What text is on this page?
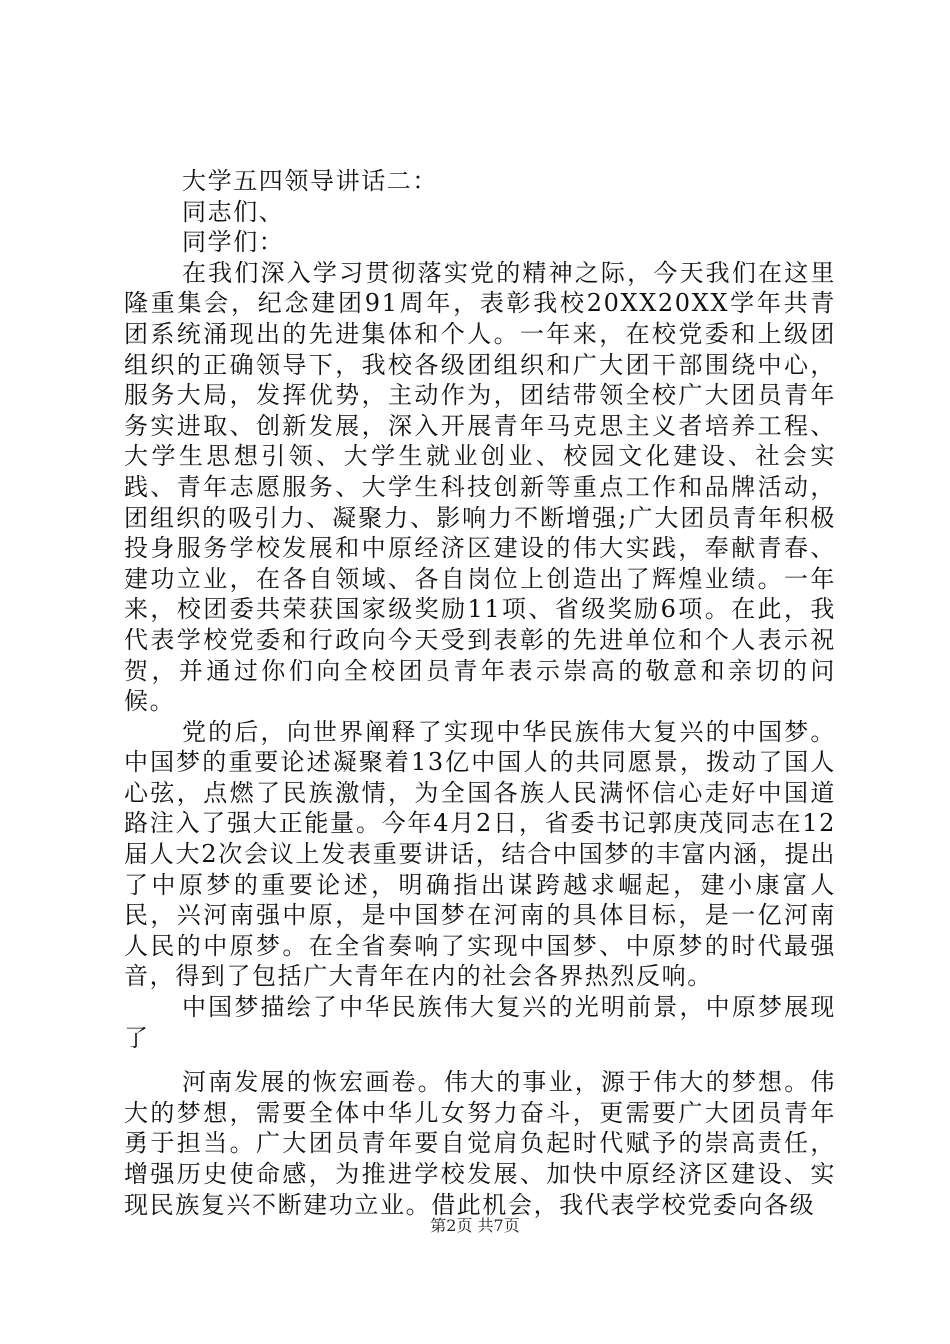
大学五四领导讲话二：

同志们、

同学们：

在我们深入学习贯彻落实党的精神之际，今天我们在这里隆重集会，纪念建团91周年，表彰我校20XX20XX学年共青团系统涌现出的先进集体和个人。一年来，在校党委和上级团组织的正确领导下，我校各级团组织和广大团干部围绕中心，服务大局，发挥优势，主动作为，团结带领全校广大团员青年务实进取、创新发展，深入开展青年马克思主义者培养工程、大学生思想引领、大学生就业创业、校园文化建设、社会实践、青年志愿服务、大学生科技创新等重点工作和品牌活动，团组织的吸引力、凝聚力、影响力不断增强;广大团员青年积极投身服务学校发展和中原经济区建设的伟大实践，奉献青春、建功立业，在各自领域、各自岗位上创造出了辉煌业绩。一年来，校团委共荣获国家级奖励11项、省级奖励6项。在此，我代表学校党委和行政向今天受到表彰的先进单位和个人表示祝贺，并通过你们向全校团员青年表示崇高的敬意和亲切的问候。

党的后，向世界阐释了实现中华民族伟大复兴的中国梦。中国梦的重要论述凝聚着13亿中国人的共同愿景，拨动了国人心弦，点燃了民族激情，为全国各族人民满怀信心走好中国道路注入了强大正能量。今年4月2日，省委书记郭庚茂同志在12届人大2次会议上发表重要讲话，结合中国梦的丰富内涵，提出了中原梦的重要论述，明确指出谋跨越求崛起，建小康富人民，兴河南强中原，是中国梦在河南的具体目标，是一亿河南人民的中原梦。在全省奏响了实现中国梦、中原梦的时代最强音，得到了包括广大青年在内的社会各界热烈反响。

中国梦描绘了中华民族伟大复兴的光明前景，中原梦展现了

河南发展的恢宏画卷。伟大的事业，源于伟大的梦想。伟大的梦想，需要全体中华儿女努力奋斗，更需要广大团员青年勇于担当。广大团员青年要自觉肩负起时代赋予的崇高责任，增强历史使命感，为推进学校发展、加快中原经济区建设、实现民族复兴不断建功立业。借此机会，我代表学校党委向各级

第2页 共7页
